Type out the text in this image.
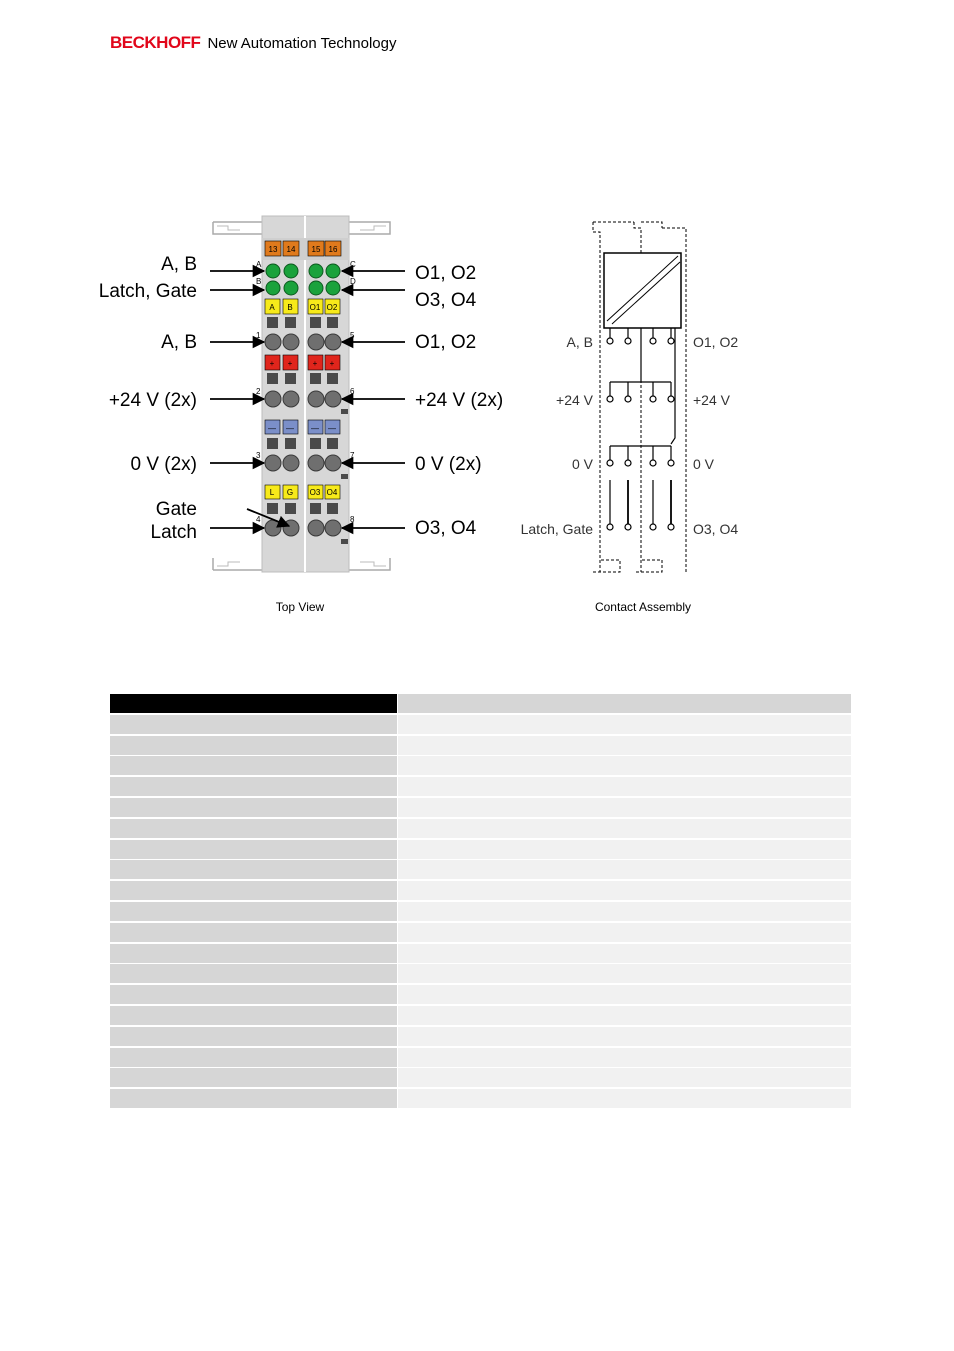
BECKHOFF New Automation Technology
13 14 15 16
A
B
C
D
A B O1 O2
+ +	+ +
— — — —
L G O3 O4
1
2
3
4
5
6
7
8
A, B
Latch, Gate
A, B
+24 V (2x)
0 V (2x)
Gate
Latch
O1, O2
O3, O4
O1, O2
+24 V (2x)
0 V (2x)
O3, O4
Top View
A, B
+24 V
0 V
Latch, Gate
O1, O2
+24 V
0 V
O3, O4
Contact Assembly
